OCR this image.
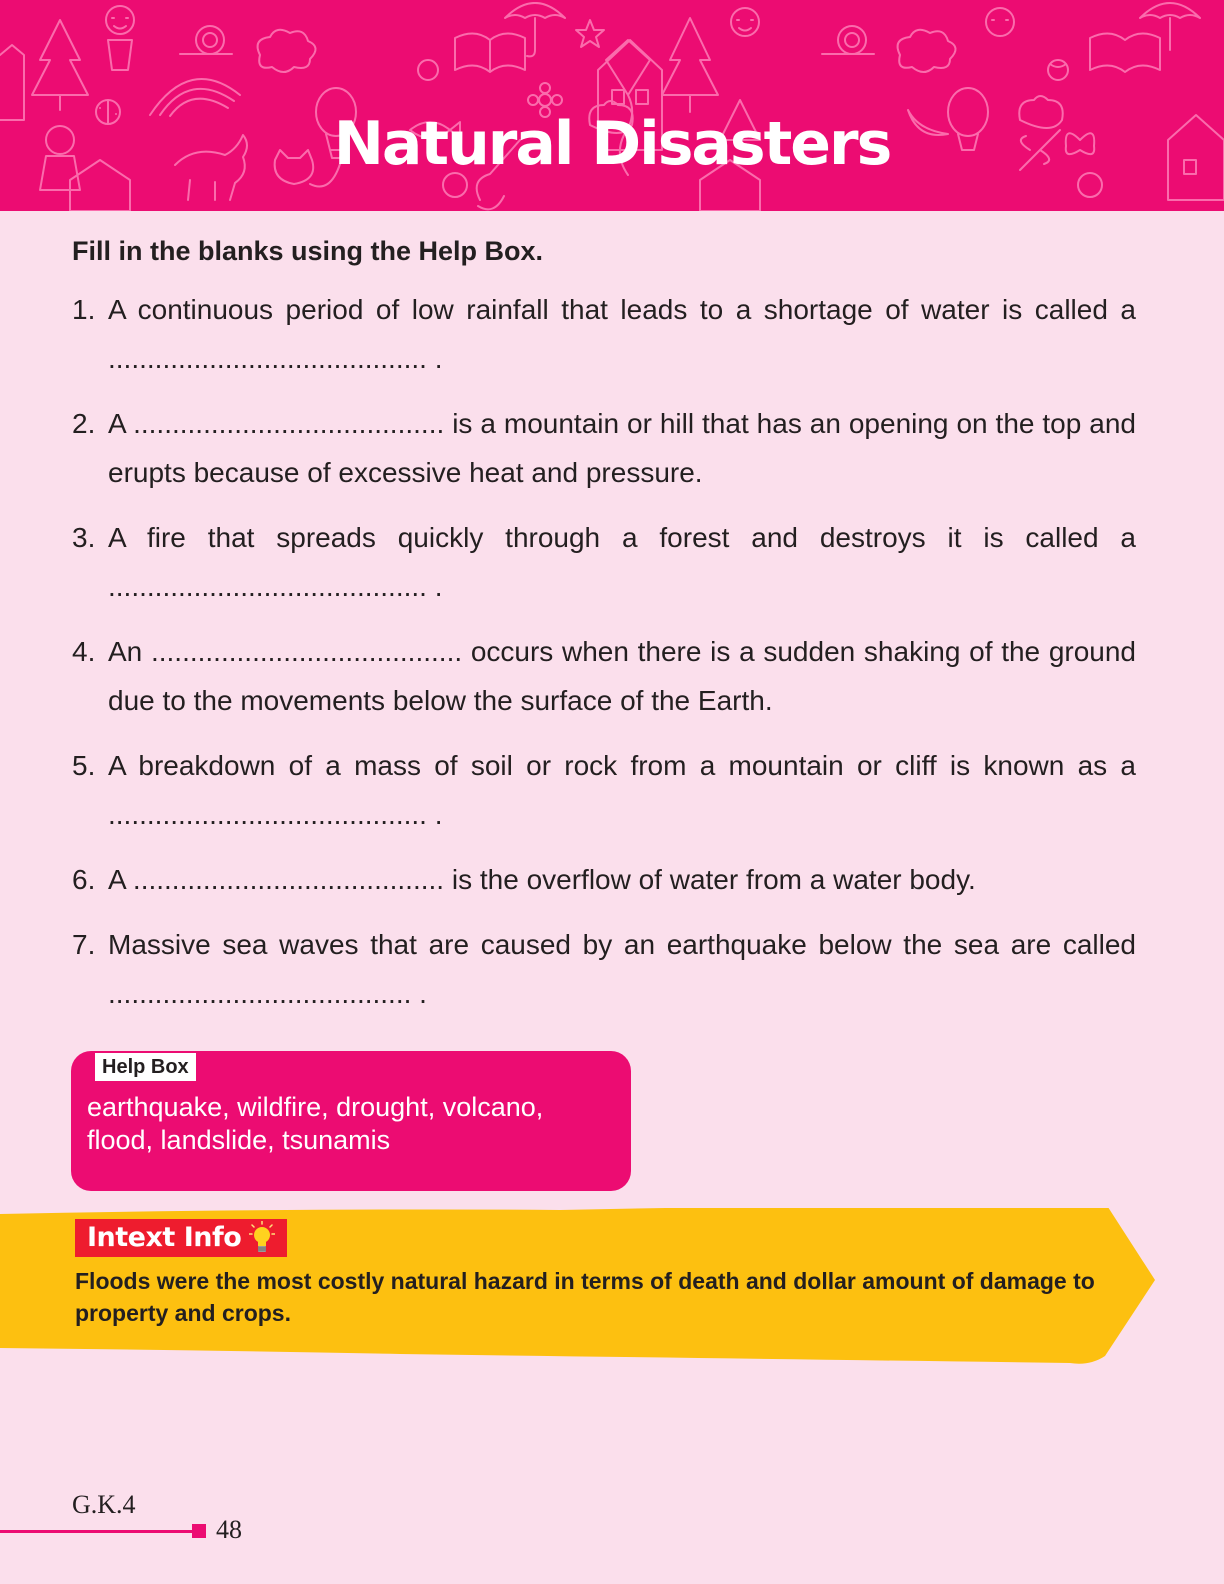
Natural Disasters

Fill in the blanks using the Help Box.

1. A continuous period of low rainfall that leads to a shortage of water is called a ......................................... .
2. A ........................................ is a mountain or hill that has an opening on the top and erupts because of excessive heat and pressure.
3. A fire that spreads quickly through a forest and destroys it is called a ......................................... .
4. An ........................................ occurs when there is a sudden shaking of the ground due to the movements below the surface of the Earth.
5. A breakdown of a mass of soil or rock from a mountain or cliff is known as a ......................................... .
6. A ........................................ is the overflow of water from a water body.
7. Massive sea waves that are caused by an earthquake below the sea are called ....................................... .
Help Box

earthquake, wildfire, drought, volcano,
flood, landslide, tsunamis

Intext Info

Floods were the most costly natural hazard in terms of death and dollar amount of damage to property and crops.

G.K.4
48
